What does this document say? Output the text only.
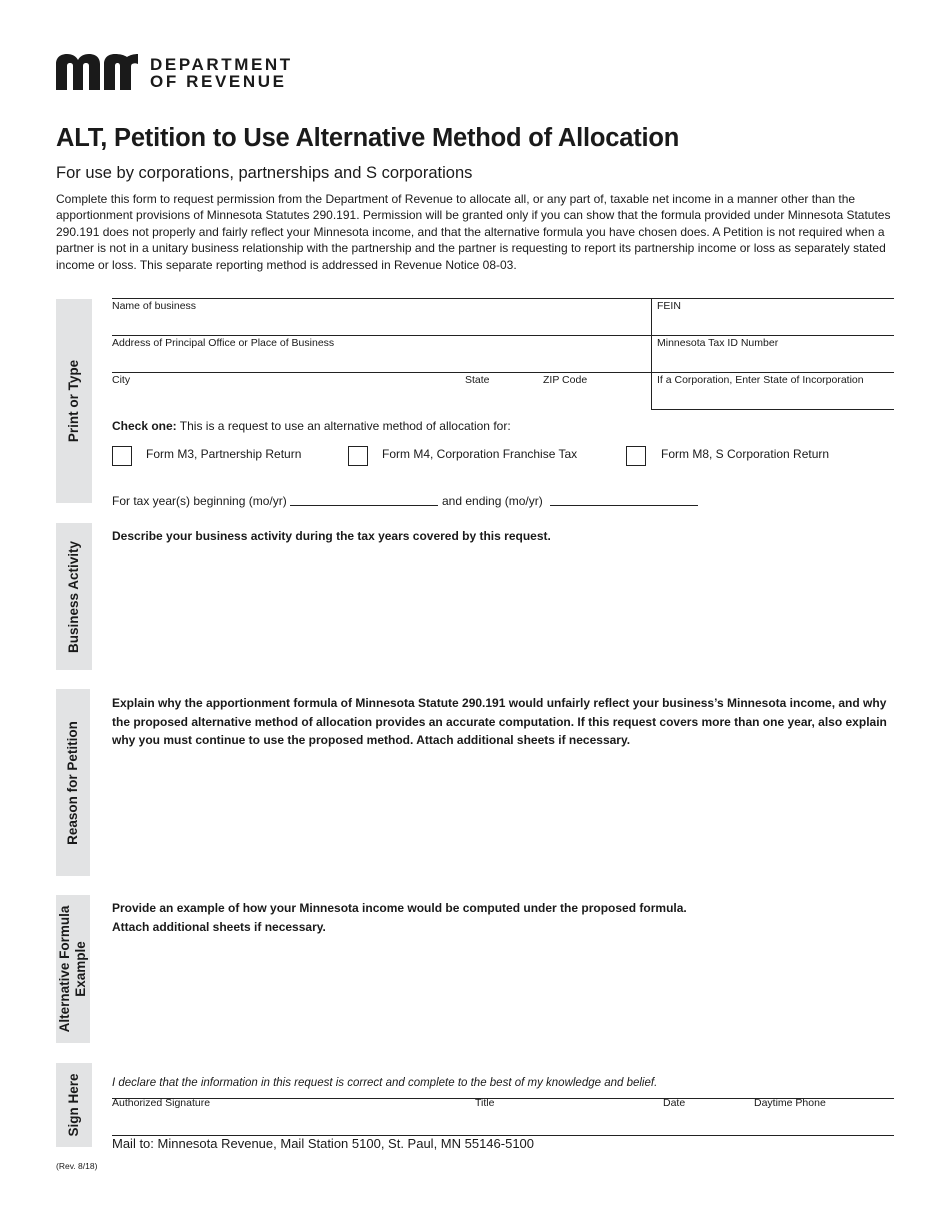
DEPARTMENT
OF REVENUE
ALT, Petition to Use Alternative Method of Allocation
For use by corporations, partnerships and S corporations
Complete this form to request permission from the Department of Revenue to allocate all, or any part of, taxable net income in a manner other than the apportionment provisions of Minnesota Statutes 290.191. Permission will be granted only if you can show that the formula provided under Minnesota Statutes 290.191 does not properly and fairly reflect your Minnesota income, and that the alternative formula you have chosen does. A Petition is not required when a partner is not in a unitary business relationship with the partnership and the partner is requesting to report its partnership income or loss as separately stated income or loss. This separate reporting method is addressed in Revenue Notice 08-03.
Print or Type
Business Activity
Reason for Petition
Alternative Formula Example
Sign Here
Name of business	FEIN
Address of Principal Office or Place of Business	Minnesota Tax ID Number
City	State	ZIP Code	If a Corporation, Enter State of Incorporation
Check one: This is a request to use an alternative method of allocation for:
Form M3, Partnership Return	Form M4, Corporation Franchise Tax	Form M8, S Corporation Return
For tax year(s) beginning (mo/yr)	and ending (mo/yr)
Describe your business activity during the tax years covered by this request.
Explain why the apportionment formula of Minnesota Statute 290.191 would unfairly reflect your business’s Minnesota income, and why the proposed alternative method of allocation provides an accurate computation. If this request covers more than one year, also explain why you must continue to use the proposed method. Attach additional sheets if necessary.
Provide an example of how your Minnesota income would be computed under the proposed formula.
Attach additional sheets if necessary.
I declare that the information in this request is correct and complete to the best of my knowledge and belief.
Authorized Signature	Title	Date	Daytime Phone
Mail to: Minnesota Revenue, Mail Station 5100, St. Paul, MN 55146-5100
(Rev. 8/18)
